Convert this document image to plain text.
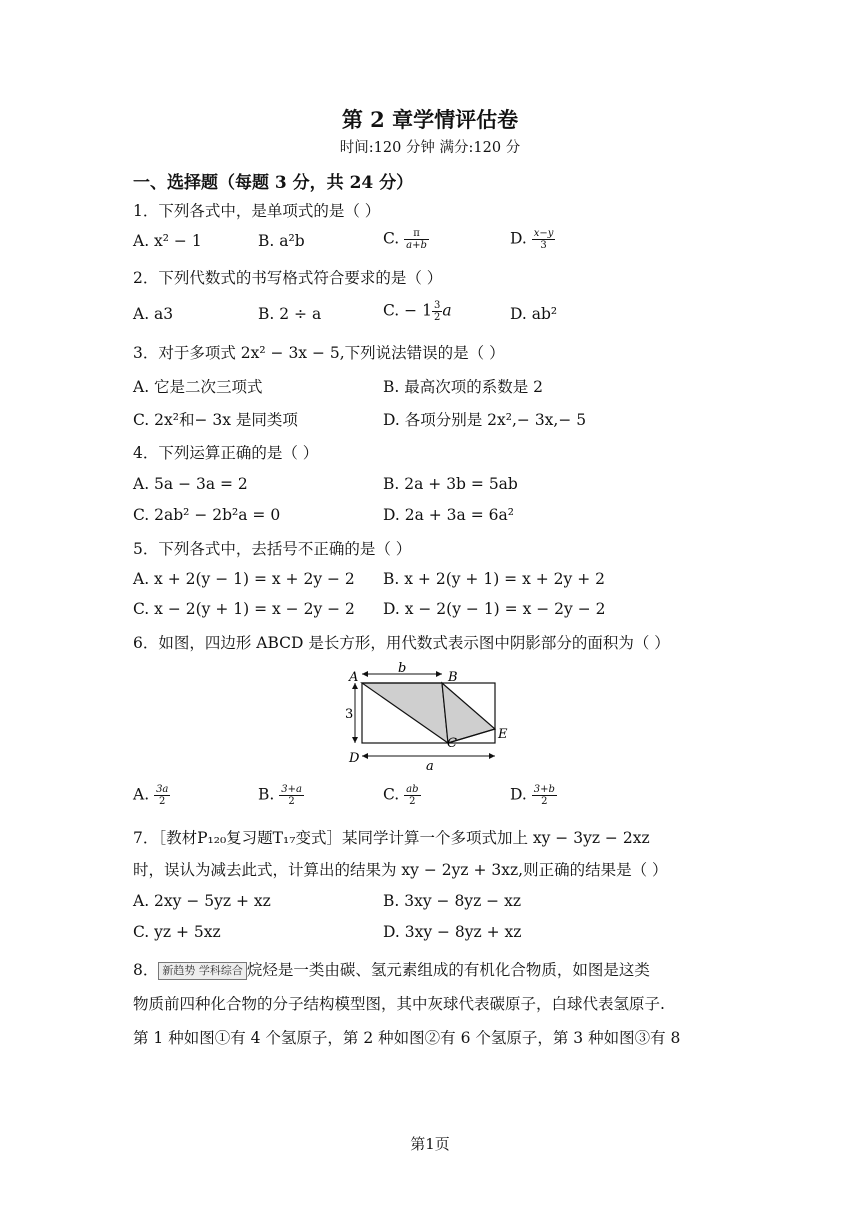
第 2 章学情评估卷
时间:120 分钟 满分:120 分
一、选择题（每题 3 分，共 24 分）
1．下列各式中，是单项式的是（ ）
A. x² − 1	B. a²b	C. $\frac{\pi}{a+b}$	D. $\frac{x-y}{3}$
2．下列代数式的书写格式符合要求的是（ ）
A. a3	B. 2 ÷ a	C. − $1 \frac{3}{2}$ a	D. ab²
3．对于多项式 2x² − 3x − 5,下列说法错误的是（ ）
A. 它是二次三项式	B. 最高次项的系数是 2
C. 2x²和− 3x 是同类项	D. 各项分别是 2x²,− 3x,− 5
4．下列运算正确的是（ ）
A. 5a − 3a = 2	B. 2a + 3b = 5ab
C. 2ab² − 2b²a = 0	D. 2a + 3a = 6a²
5．下列各式中，去括号不正确的是（ ）
A. x + 2(y − 1) = x + 2y − 2 B. x + 2(y + 1) = x + 2y + 2
C. x − 2(y + 1) = x − 2y − 2 D. x − 2(y − 1) = x − 2y − 2
6．如图，四边形 ABCD 是长方形，用代数式表示图中阴影部分的面积为（ ）
A	B
C
D
E
b
a
3
A. $\frac{3a}{2}$	B. $\frac{3+a}{2}$	C. $\frac{ab}{2}$	D. $\frac{3+b}{2}$
7．［教材P₁₂₀复习题T₁₇变式］某同学计算一个多项式加上 xy − 3yz − 2xz
时，误认为减去此式，计算出的结果为 xy − 2yz + 3xz,则正确的结果是（ ）
A. 2xy − 5yz + xz	B. 3xy − 8yz − xz
C. yz + 5xz	D. 3xy − 8yz + xz
8． 新趋势 学科综合 烷烃是一类由碳、氢元素组成的有机化合物质，如图是这类
物质前四种化合物的分子结构模型图，其中灰球代表碳原子，白球代表氢原子.
第 1 种如图①有 4 个氢原子，第 2 种如图②有 6 个氢原子，第 3 种如图③有 8
第1页
